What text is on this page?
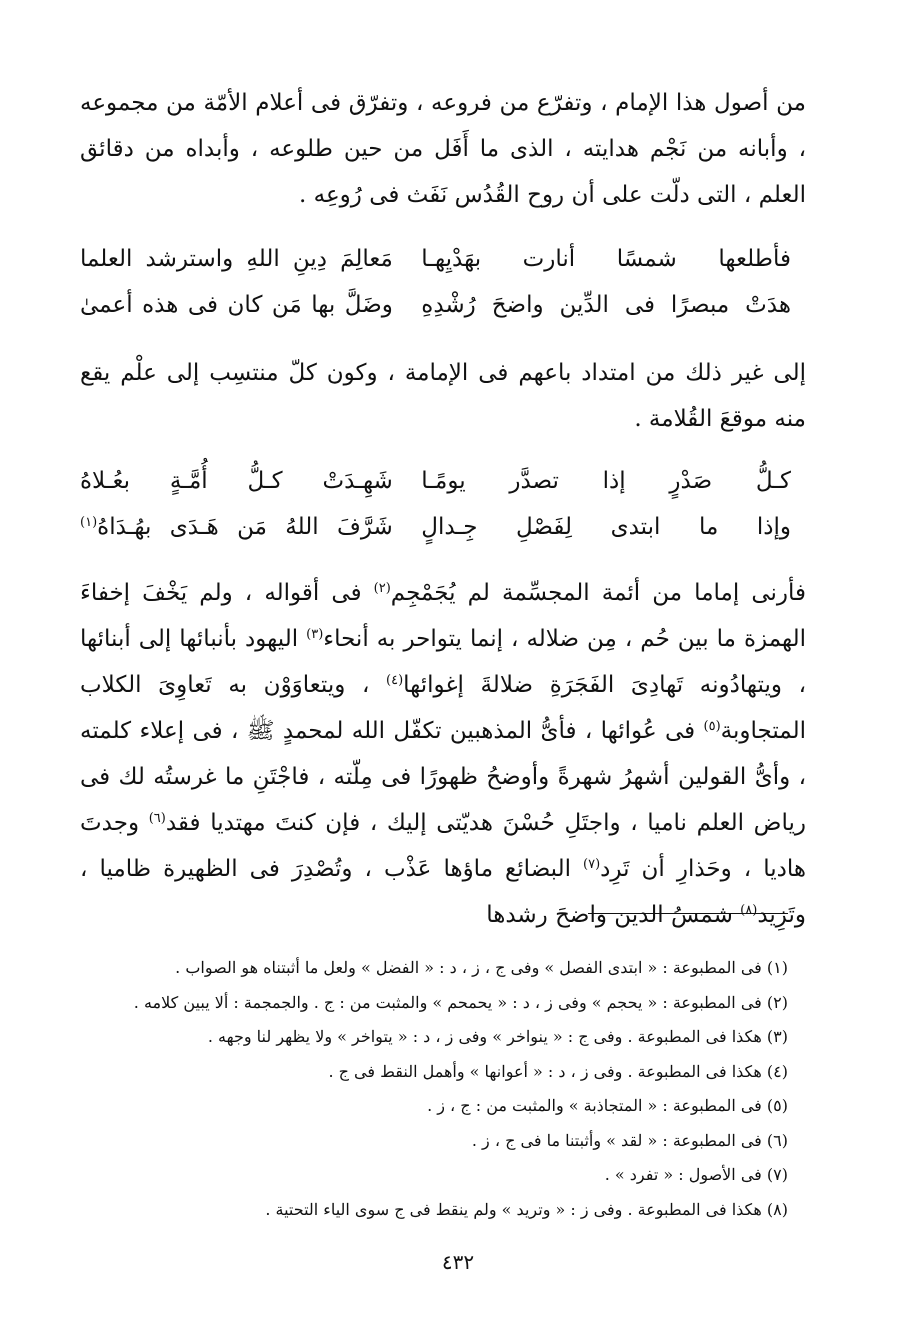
من أصول هذا الإمام ، وتفرّع من فروعه ، وتفرّق فى أعلام الأمّة من مجموعه ، وأبانه من نَجْم هدايته ، الذى ما أَفَل من حين طلوعه ، وأبداه من دقائق العلم ، التى دلّت على أن روح القُدُس نَفَث فى رُوعِه .

فأطلعها شمسًا أنارت بهَدْيِهـا
مَعالِمَ دِينِ اللهِ واسترشد العلما
هدَتْ مبصرًا فى الدِّين واضحَ رُشْدِهِ
وضَلَّ بها مَن كان فى هذه أعمىٰ

إلى غير ذلك من امتداد باعهم فى الإمامة ، وكون كلّ منتسِب إلى علْم يقع منه موقعَ القُلامة .

كـلُّ صَدْرٍ إذا تصدَّر يومًـا
شَهِـدَتْ كـلُّ أُمَّـةٍ بعُـلاهُ
وإذا ما ابتدى لِفَصْلِ جِـدالٍ
شَرَّفَ اللهُ مَن هَـدَى بهُـدَاهُ$^{(١)}$

فأرنى إماما من أئمة المجسِّمة لم يُجَمْجِم$^{(٢)}$ فى أقواله ، ولم يَخْفَ إخفاءَ الهمزة ما بين حُم ، مِن ضلاله ، إنما يتواحر به أنحاء$^{(٣)}$ اليهود بأنبائها إلى أبنائها ، ويتهادُونه تَهادِىَ الفَجَرَةِ ضلالةَ إغوائها$^{(٤)}$ ، ويتعاوَوْن به تَعاوِىَ الكلاب المتجاوبة$^{(٥)}$ فى عُوائها ، فأىُّ المذهبين تكفّل الله لمحمدٍ ﷺ ، فى إعلاء كلمته ، وأىُّ القولين أشهرُ شهرةً وأوضحُ ظهورًا فى مِلّته ، فاجْتَنِ ما غرستُه لك فى رياض العلم ناميا ، واجتَلِ حُسْنَ هديّتى إليك ، فإن كنتَ مهتديا فقد$^{(٦)}$ وجدتَ هاديا ، وحَذارِ أن تَرِد$^{(٧)}$ البضائع ماؤها عَذْب ، وتُصْدِرَ فى الظهيرة ظاميا ، وتَزِيد$^{(٨)}$ شمسُ الدين واضحَ رشدها

(١) فى المطبوعة : « ابتدى الفصل » وفى ج ، ز ، د : « الفضل » ولعل ما أثبتناه هو الصواب .
(٢) فى المطبوعة : « يحجم » وفى ز ، د : « يحمحم » والمثبت من : ج . والجمجمة : ألا يبين كلامه .
(٣) هكذا فى المطبوعة . وفى ج : « ينواخر » وفى ز ، د : « يتواخر » ولا يظهر لنا وجهه .
(٤) هكذا فى المطبوعة . وفى ز ، د : « أعوانها » وأهمل النقط فى ج .
(٥) فى المطبوعة : « المتجاذبة » والمثبت من : ج ، ز .
(٦) فى المطبوعة : « لقد » وأثبتنا ما فى ج ، ز .
(٧) فى الأصول : « تفرد » .
(٨) هكذا فى المطبوعة . وفى ز : « وتريد » ولم ينقط فى ج سوى الياء التحتية .
٤٣٢
